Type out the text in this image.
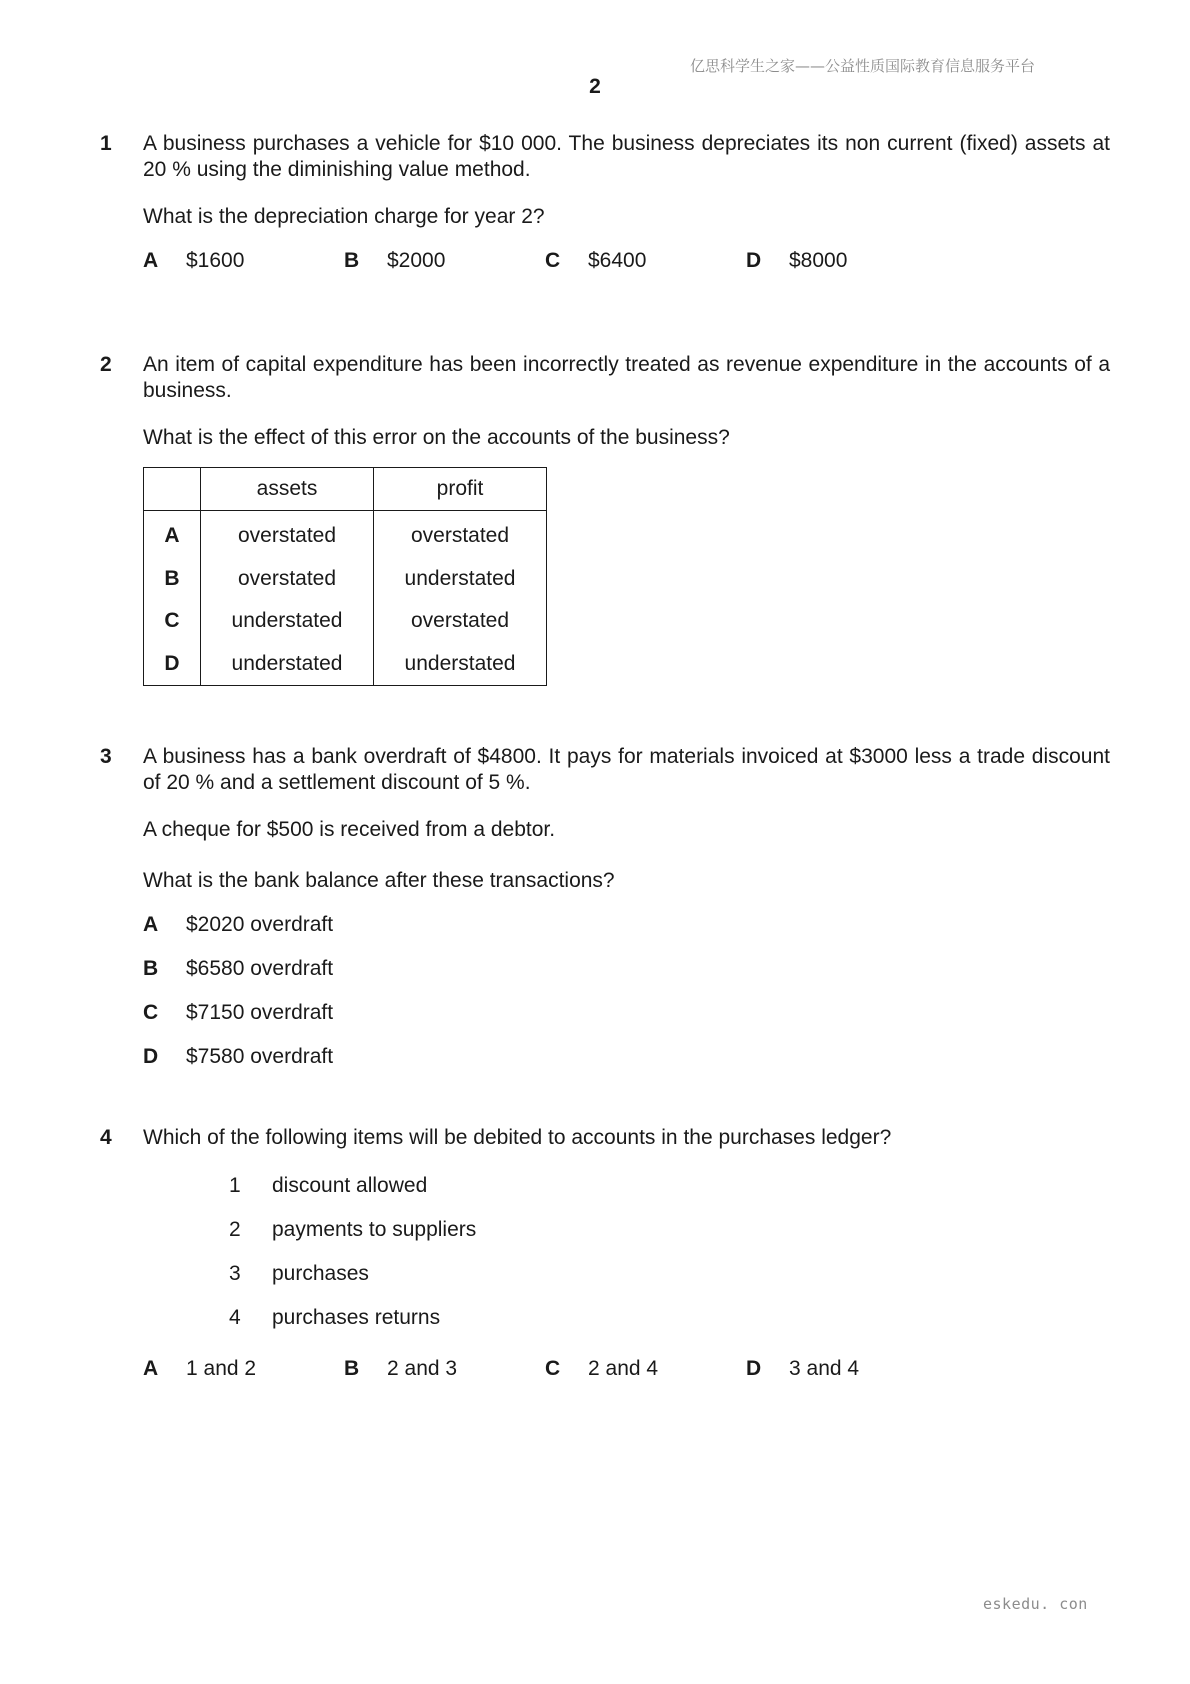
亿思科学生之家——公益性质国际教育信息服务平台
2
1 A business purchases a vehicle for $10 000. The business depreciates its non current (fixed) assets at 20 % using the diminishing value method.

What is the depreciation charge for year 2?

A	$1600	B	$2000	C	$6400	D	$8000
2 An item of capital expenditure has been incorrectly treated as revenue expenditure in the accounts of a business.

What is the effect of this error on the accounts of the business?

	assets	profit
A	overstated	overstated
B	overstated	understated
C	understated	overstated
D	understated	understated
3 A business has a bank overdraft of $4800. It pays for materials invoiced at $3000 less a trade discount of 20 % and a settlement discount of 5 %.

A cheque for $500 is received from a debtor.

What is the bank balance after these transactions?

A	$2020 overdraft
B	$6580 overdraft
C	$7150 overdraft
D	$7580 overdraft
4 Which of the following items will be debited to accounts in the purchases ledger?

1	discount allowed
2	payments to suppliers
3	purchases
4	purchases returns
A	1 and 2	B	2 and 3	C	2 and 4	D	3 and 4
eskedu. con
